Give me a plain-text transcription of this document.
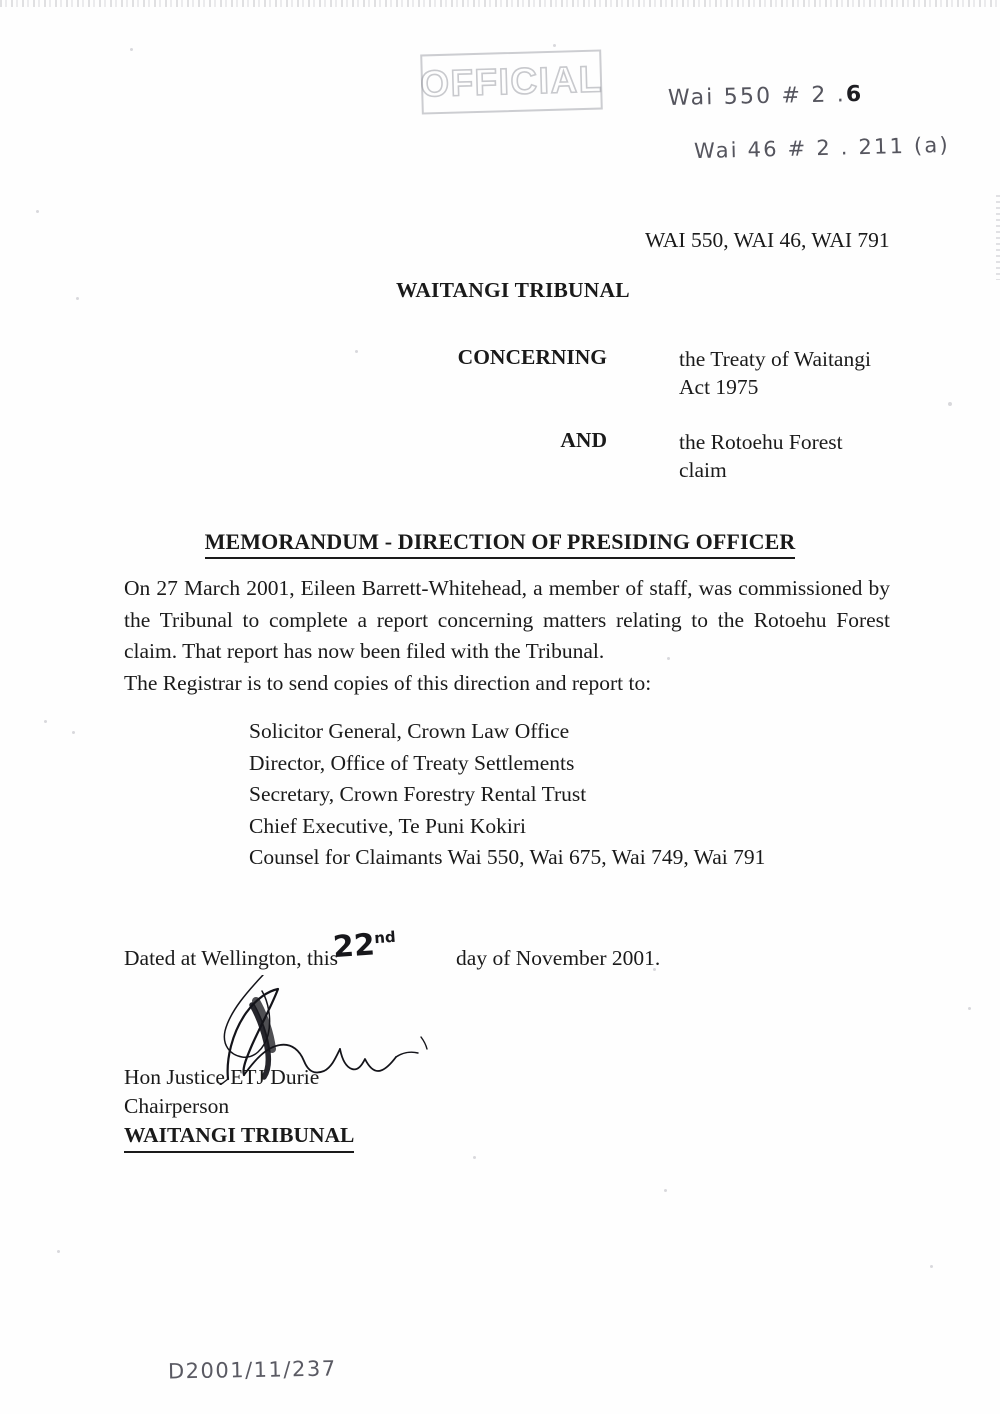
OFFICIAL	Wai 550 # 2 .6
Wai 46 # 2 . 211 (a)
WAI 550, WAI 46, WAI 791
WAITANGI TRIBUNAL
CONCERNING	the Treaty of Waitangi
Act 1975
AND	the Rotoehu Forest
claim
MEMORANDUM - DIRECTION OF PRESIDING OFFICER
On 27 March 2001, Eileen Barrett-Whitehead, a member of staff, was commissioned by the Tribunal to complete a report concerning matters relating to the Rotoehu Forest claim. That report has now been filed with the Tribunal.
The Registrar is to send copies of this direction and report to:
Solicitor General, Crown Law Office
Director, Office of Treaty Settlements
Secretary, Crown Forestry Rental Trust
Chief Executive, Te Puni Kokiri
Counsel for Claimants Wai 550, Wai 675, Wai 749, Wai 791
Dated at Wellington, this	day of November 2001.
22nd
Hon Justice ETJ Durie
Chairperson
WAITANGI TRIBUNAL
D2001/11/237
